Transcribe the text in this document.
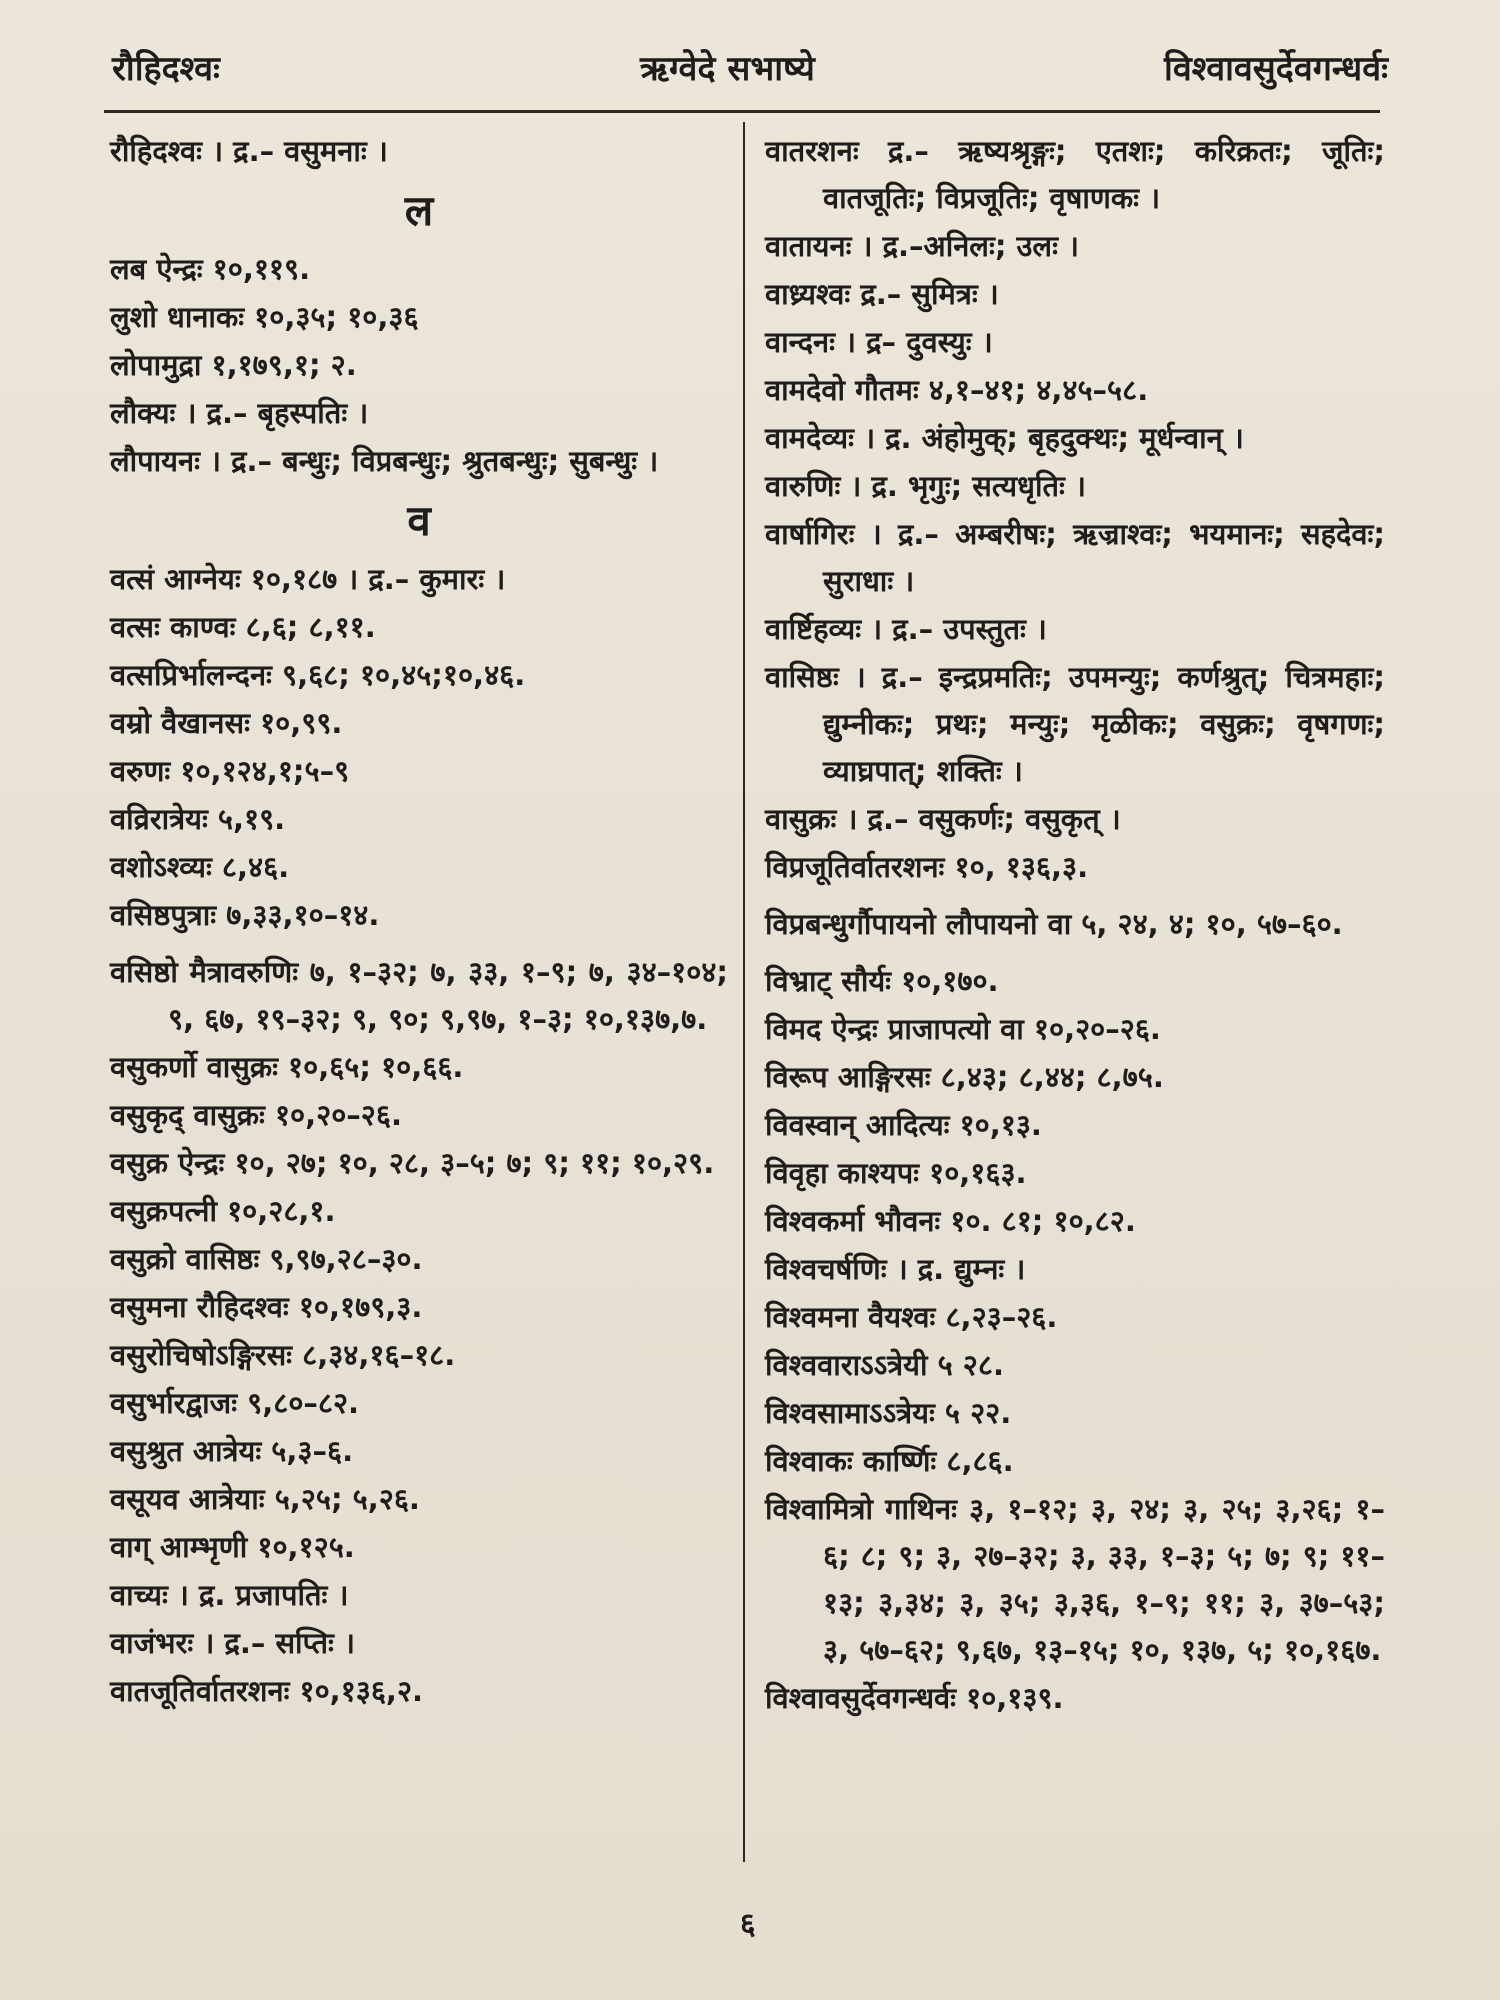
रौहिदश्वः	ऋग्वेदे सभाष्ये	विश्वावसुर्देवगन्धर्वः

रौहिदश्वः । द्र.– वसुमनाः ।

ल

लब ऐन्द्रः १०,११९.

लुशो धानाकः १०,३५; १०,३६

लोपामुद्रा १,१७९,१; २.

लौक्यः । द्र.– बृहस्पतिः ।

लौपायनः । द्र.– बन्धुः; विप्रबन्धुः; श्रुतबन्धुः; सुबन्धुः ।

व

वत्सं आग्नेयः १०,१८७ । द्र.– कुमारः ।

वत्सः काण्वः ८,६; ८,११.

वत्सप्रिर्भालन्दनः ९,६८; १०,४५;१०,४६.

वम्रो वैखानसः १०,९९.

वरुणः १०,१२४,१;५–९

वव्रिरात्रेयः ५,१९.

वशोऽश्व्यः ८,४६.

वसिष्ठपुत्राः ७,३३,१०–१४.

वसिष्ठो मैत्रावरुणिः ७, १–३२; ७, ३३, १–९; ७, ३४–१०४; ९, ६७, १९–३२; ९, ९०; ९,९७, १–३; १०,१३७,७.

वसुकर्णो वासुक्रः १०,६५; १०,६६.

वसुकृद् वासुक्रः १०,२०–२६.

वसुक्र ऐन्द्रः १०, २७; १०, २८, ३–५; ७; ९; ११; १०,२९.

वसुक्रपत्नी १०,२८,१.

वसुक्रो वासिष्ठः ९,९७,२८–३०.

वसुमना रौहिदश्वः १०,१७९,३.

वसुरोचिषोऽङ्गिरसः ८,३४,१६–१८.

वसुर्भारद्वाजः ९,८०–८२.

वसुश्रुत आत्रेयः ५,३–६.

वसूयव आत्रेयाः ५,२५; ५,२६.

वाग् आम्भृणी १०,१२५.

वाच्यः । द्र. प्रजापतिः ।

वाजंभरः । द्र.– सप्तिः ।

वातजूतिर्वातरशनः १०,१३६,२.

वातरशनः द्र.– ऋष्यश्रृङ्गः; एतशः; करिक्रतः; जूतिः; वातजूतिः; विप्रजूतिः; वृषाणकः ।

वातायनः । द्र.–अनिलः; उलः ।

वाध्र्यश्वः द्र.– सुमित्रः ।

वान्दनः । द्र– दुवस्युः ।

वामदेवो गौतमः ४,१–४१; ४,४५–५८.

वामदेव्यः । द्र. अंहोमुक्; बृहदुक्थः; मूर्धन्वान् ।

वारुणिः । द्र. भृगुः; सत्यधृतिः ।

वार्षागिरः । द्र.– अम्बरीषः; ऋज्राश्वः; भयमानः; सहदेवः; सुराधाः ।

वार्ष्टिहव्यः । द्र.– उपस्तुतः ।

वासिष्ठः । द्र.– इन्द्रप्रमतिः; उपमन्युः; कर्णश्रुत्; चित्रमहाः; द्युम्नीकः; प्रथः; मन्युः; मृळीकः; वसुक्रः; वृषगणः; व्याघ्रपात्; शक्तिः ।

वासुक्रः । द्र.– वसुकर्णः; वसुकृत् ।

विप्रजूतिर्वातरशनः १०, १३६,३.

विप्रबन्धुर्गौपायनो लौपायनो वा ५, २४, ४; १०, ५७–६०.

विभ्राट् सौर्यः १०,१७०.

विमद ऐन्द्रः प्राजापत्यो वा १०,२०–२६.

विरूप आङ्गिरसः ८,४३; ८,४४; ८,७५.

विवस्वान् आदित्यः १०,१३.

विवृहा काश्यपः १०,१६३.

विश्वकर्मा भौवनः १०. ८१; १०,८२.

विश्वचर्षणिः । द्र. द्युम्नः ।

विश्वमना वैयश्वः ८,२३–२६.

विश्ववाराऽऽत्रेयी ५ २८.

विश्वसामाऽऽत्रेयः ५ २२.

विश्वाकः कार्ष्णिः ८,८६.

विश्वामित्रो गाथिनः ३, १–१२; ३, २४; ३, २५; ३,२६; १–६; ८; ९; ३, २७–३२; ३, ३३, १–३; ५; ७; ९; ११–१३; ३,३४; ३, ३५; ३,३६, १–९; ११; ३, ३७–५३; ३, ५७–६२; ९,६७, १३–१५; १०, १३७, ५; १०,१६७.

विश्वावसुर्देवगन्धर्वः १०,१३९.

६
